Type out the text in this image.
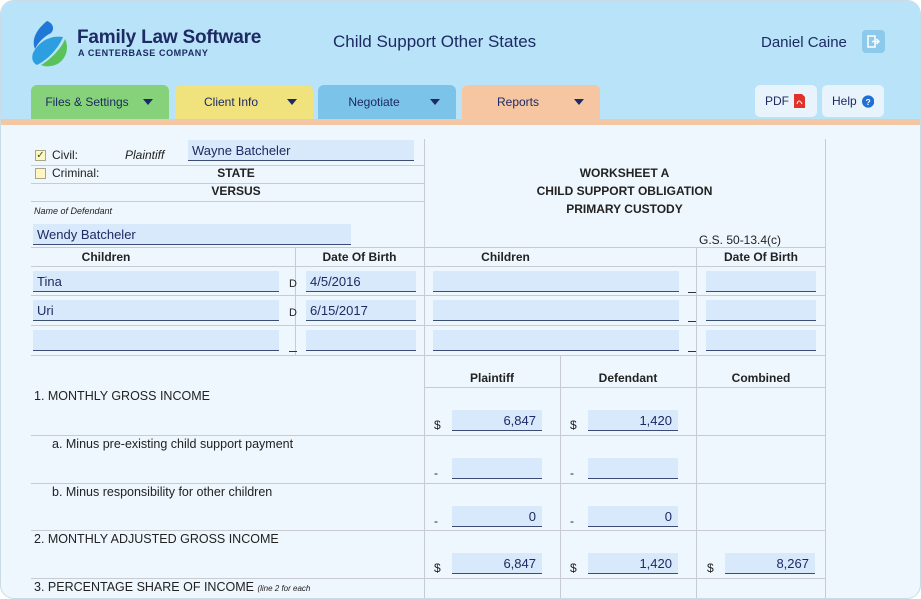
Family Law Software
A CENTERBASE COMPANY
Child Support Other States	Daniel Caine
Files & Settings	Client Info	Negotiate	Reports	PDF	Help ?
✓ Civil:
Criminal:
Plaintiff	Wayne Batcheler
STATE
VERSUS
Name of Defendant
Wendy Batcheler
WORKSHEET A
CHILD SUPPORT OBLIGATION
PRIMARY CUSTODY
G.S. 50-13.4(c)
Children	Date Of Birth	Children	Date Of Birth
Tina	D	4/5/2016
Uri	D	6/15/2017
Plaintiff	Defendant	Combined
1. MONTHLY GROSS INCOME
$	6,847	$	1,420
a. Minus pre-existing child support payment
-	-
b. Minus responsibility for other children
-	0	-	0
2. MONTHLY ADJUSTED GROSS INCOME
$	6,847	$	1,420	$	8,267
3. PERCENTAGE SHARE OF INCOME (line 2 for each
